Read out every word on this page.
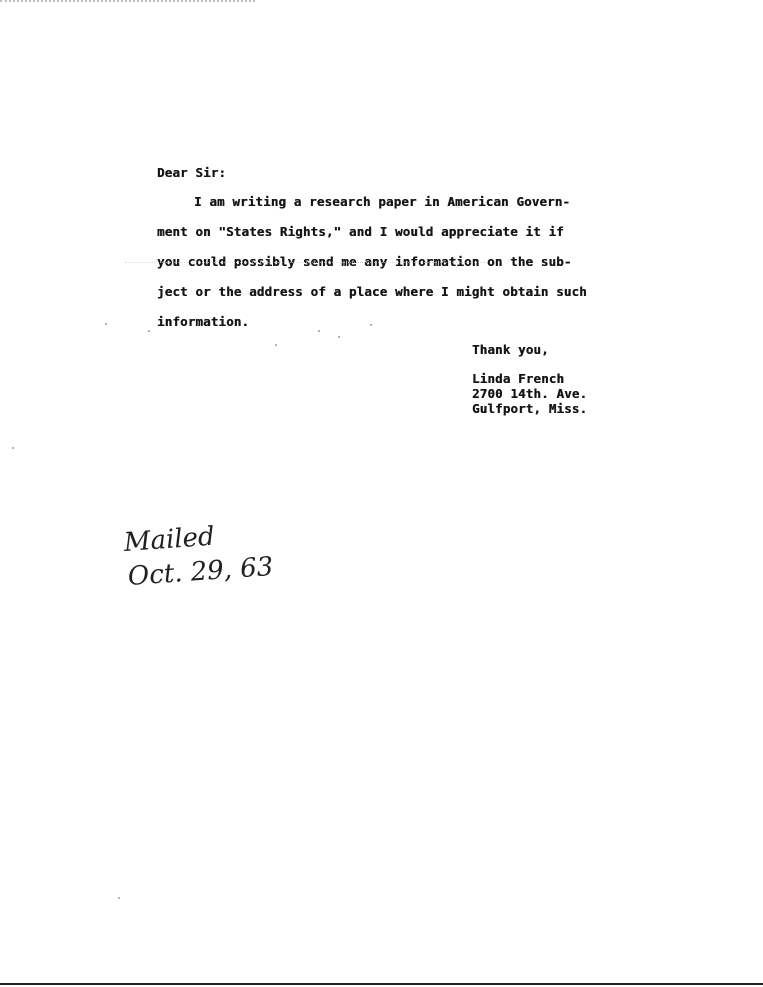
Dear Sir:
I am writing a research paper in American Govern-
ment on "States Rights," and I would appreciate it if
you could possibly send me any information on the sub-
ject or the address of a place where I might obtain such
information.
Thank you,
Linda French
2700 14th. Ave.
Gulfport, Miss.
Mailed
Oct. 29, 63
